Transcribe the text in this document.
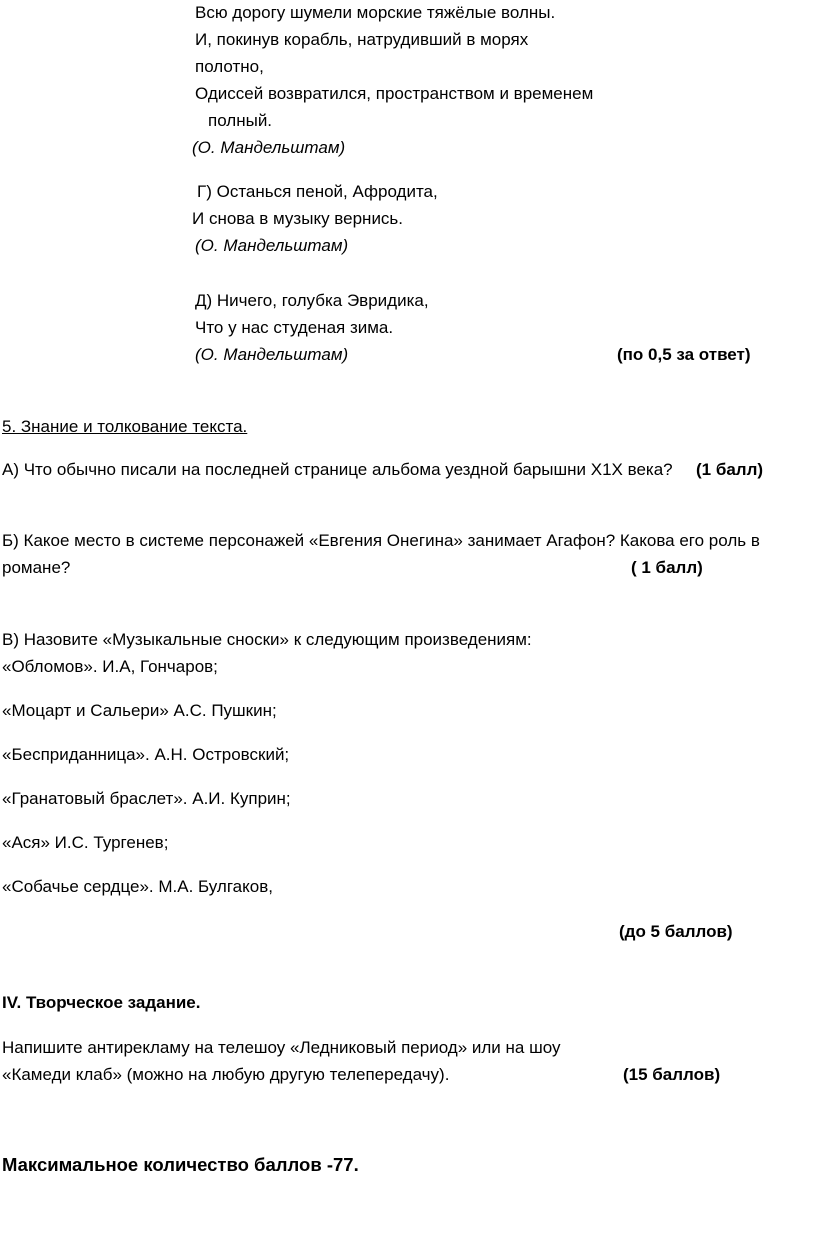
Всю дорогу шумели морские тяжёлые волны.
И, покинув корабль, натрудивший в морях
полотно,
Одиссей возвратился, пространством и временем
полный.
(О. Мандельштам)
Г) Останься пеной, Афродита,
И снова в музыку вернись.
(О. Мандельштам)
Д) Ничего, голубка Эвридика,
Что у нас студеная зима.
(О. Мандельштам)	(по 0,5 за ответ)
5. Знание и толкование текста.
А) Что обычно писали на последней странице альбома уездной барышни Х1Х века? (1 балл)
Б) Какое место в системе персонажей «Евгения Онегина» занимает Агафон? Какова его роль в
романе?	( 1 балл)
В) Назовите «Музыкальные сноски» к следующим произведениям:
«Обломов». И.А, Гончаров;
«Моцарт и Сальери» А.С. Пушкин;
«Бесприданница». А.Н. Островский;
«Гранатовый браслет». А.И. Куприн;
«Ася» И.С. Тургенев;
«Собачье сердце». М.А. Булгаков,
(до 5 баллов)
IV. Творческое задание.
Напишите антирекламу на телешоу «Ледниковый период» или на шоу
«Камеди клаб» (можно на любую другую телепередачу).	(15 баллов)
Максимальное количество баллов -77.
